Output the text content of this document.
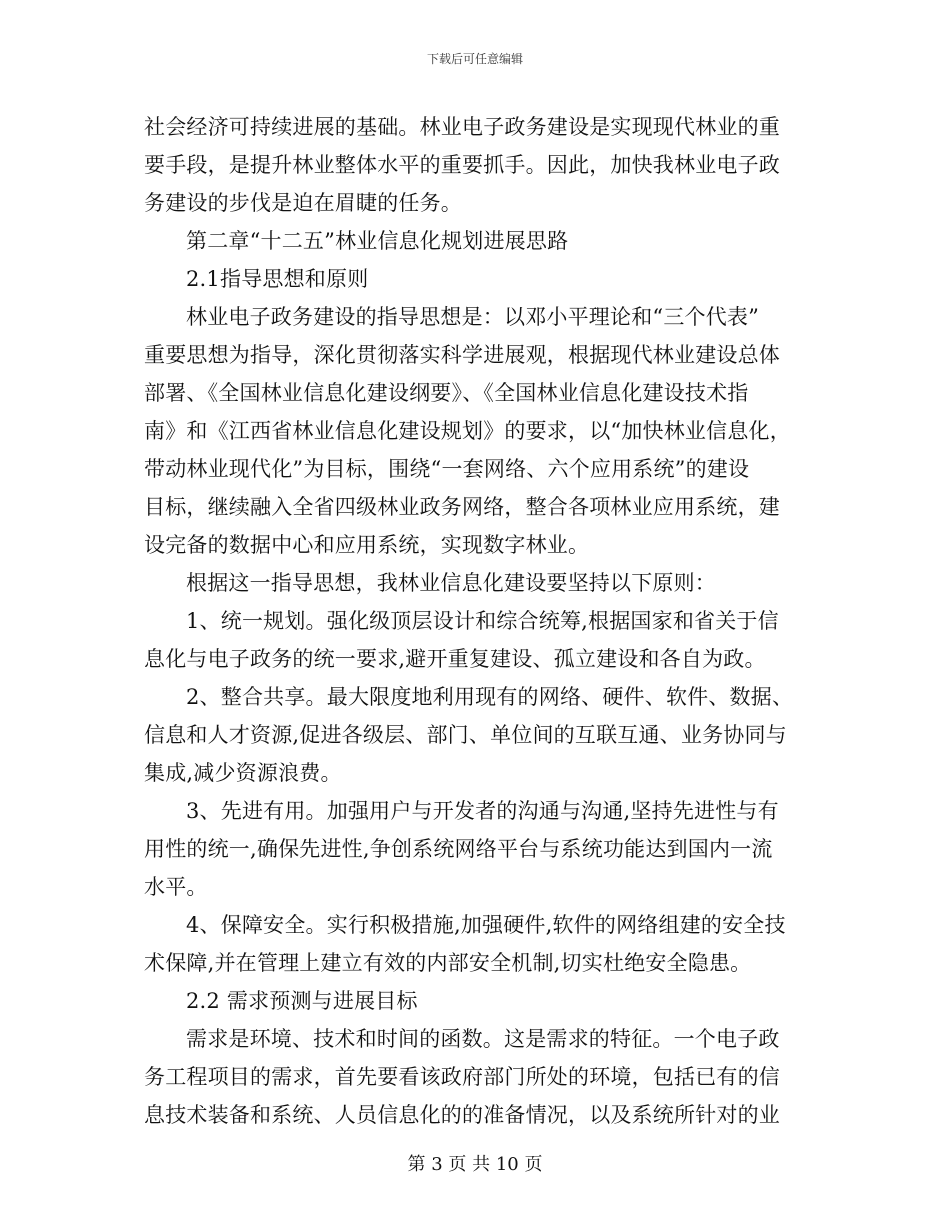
下载后可任意编辑
社会经济可持续进展的基础。林业电子政务建设是实现现代林业的重
要手段，是提升林业整体水平的重要抓手。因此，加快我林业电子政
务建设的步伐是迫在眉睫的任务。
第二章“十二五”林业信息化规划进展思路
2.1指导思想和原则
林业电子政务建设的指导思想是：以邓小平理论和“三个代表”
重要思想为指导，深化贯彻落实科学进展观，根据现代林业建设总体
部署、《全国林业信息化建设纲要》、《全国林业信息化建设技术指
南》和《江西省林业信息化建设规划》的要求，以“加快林业信息化，
带动林业现代化”为目标，围绕“一套网络、六个应用系统”的建设
目标，继续融入全省四级林业政务网络，整合各项林业应用系统，建
设完备的数据中心和应用系统，实现数字林业。
根据这一指导思想，我林业信息化建设要坚持以下原则：
1、统一规划。强化级顶层设计和综合统筹,根据国家和省关于信
息化与电子政务的统一要求,避开重复建设、孤立建设和各自为政。
2、整合共享。最大限度地利用现有的网络、硬件、软件、数据、
信息和人才资源,促进各级层、部门、单位间的互联互通、业务协同与
集成,减少资源浪费。
3、先进有用。加强用户与开发者的沟通与沟通,坚持先进性与有
用性的统一,确保先进性,争创系统网络平台与系统功能达到国内一流
水平。
4、保障安全。实行积极措施,加强硬件,软件的网络组建的安全技
术保障,并在管理上建立有效的内部安全机制,切实杜绝安全隐患。
2.2 需求预测与进展目标
需求是环境、技术和时间的函数。这是需求的特征。一个电子政
务工程项目的需求，首先要看该政府部门所处的环境，包括已有的信
息技术装备和系统、人员信息化的的准备情况，以及系统所针对的业
第 3 页 共 10 页
